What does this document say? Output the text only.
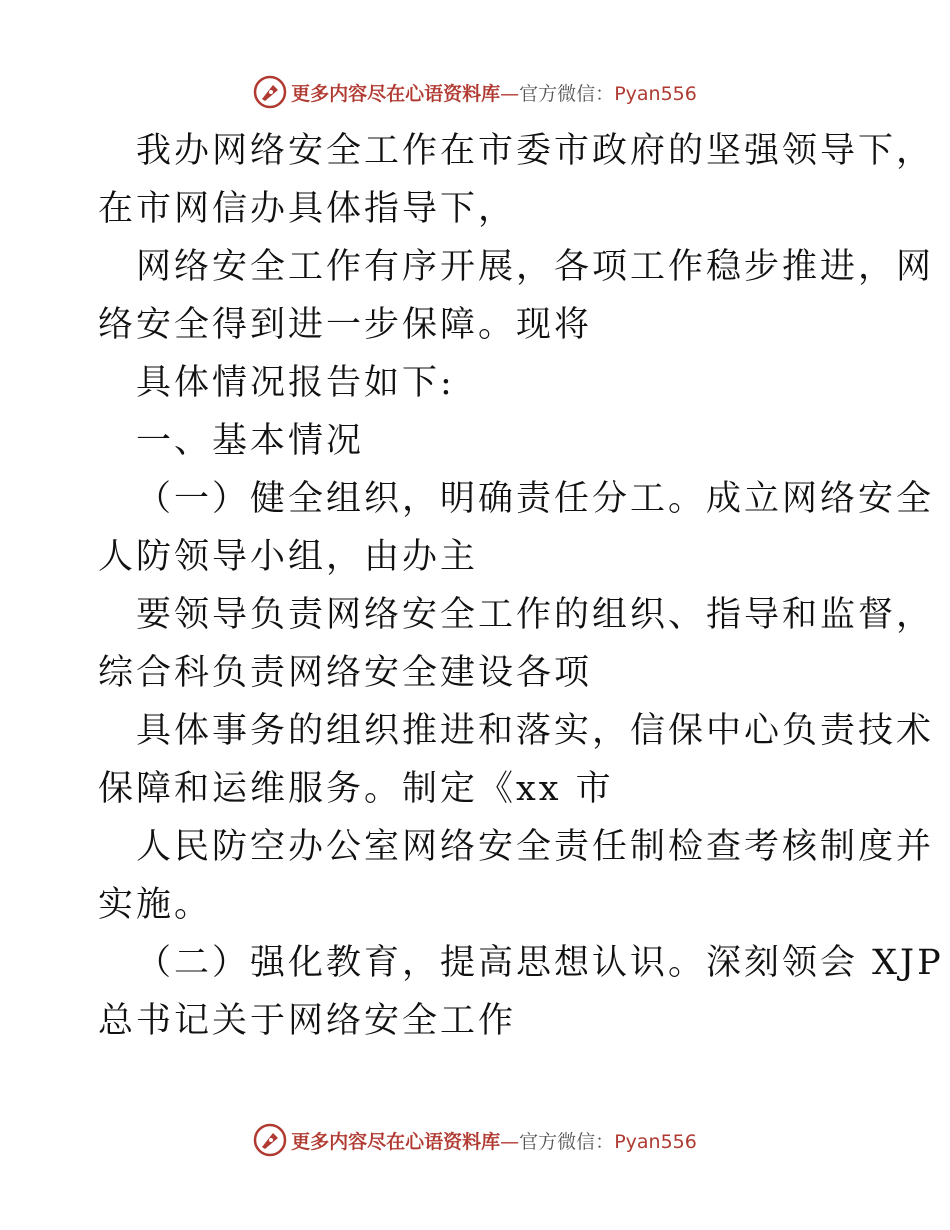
更多内容尽在心语资料库—官方微信：Pyan556
我办网络安全工作在市委市政府的坚强领导下，
在市网信办具体指导下，
网络安全工作有序开展，各项工作稳步推进，网
络安全得到进一步保障。现将
具体情况报告如下:
一、基本情况
（一）健全组织，明确责任分工。成立网络安全
人防领导小组，由办主
要领导负责网络安全工作的组织、指导和监督，
综合科负责网络安全建设各项
具体事务的组织推进和落实，信保中心负责技术
保障和运维服务。制定《xx 市
人民防空办公室网络安全责任制检查考核制度并
实施。
（二）强化教育，提高思想认识。深刻领会 XJP
总书记关于网络安全工作
更多内容尽在心语资料库—官方微信：Pyan556
